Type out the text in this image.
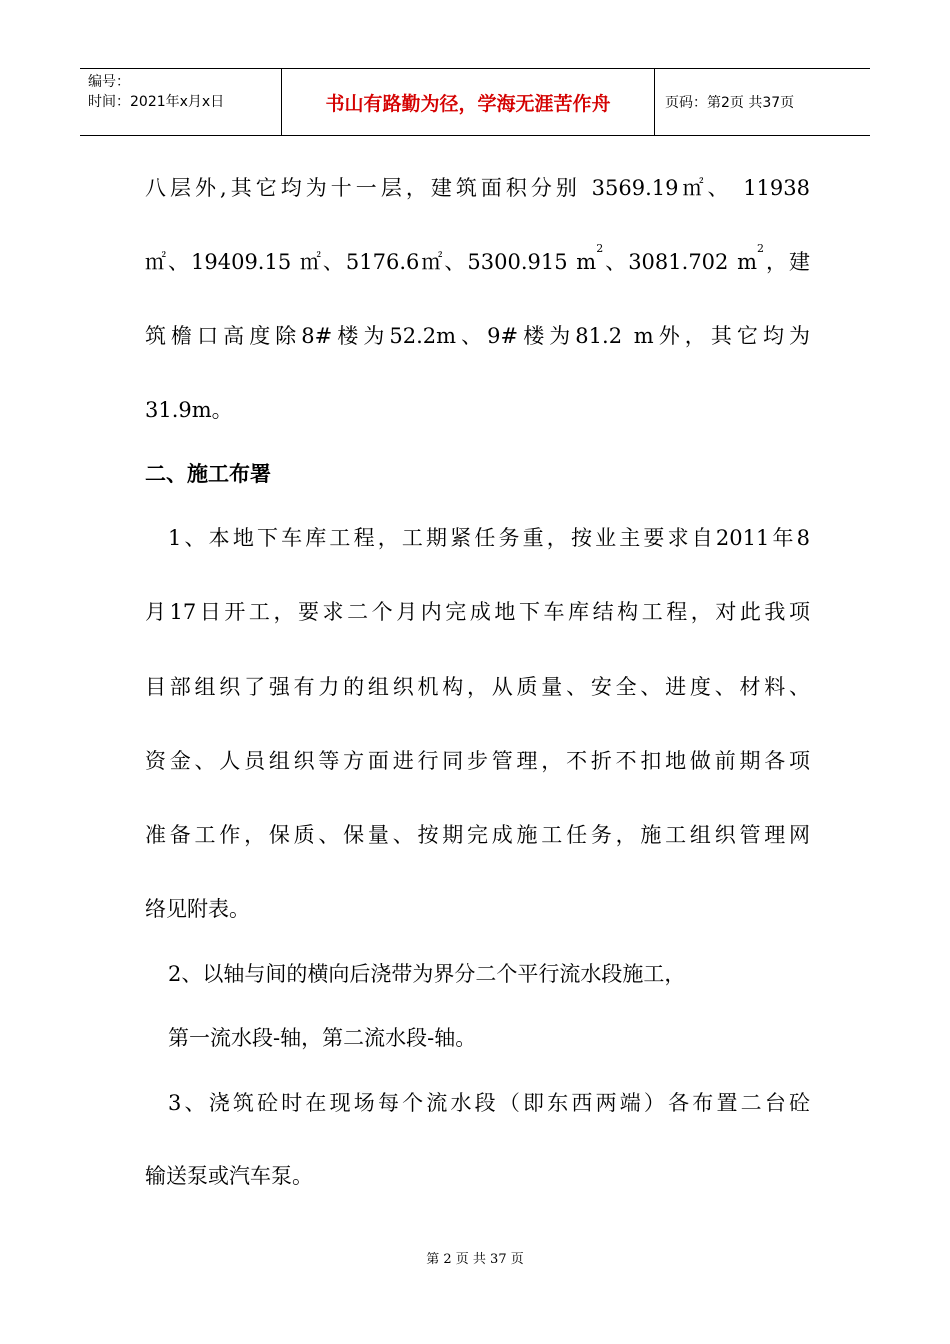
编号：
时间：2021年x月x日	书山有路勤为径，学海无涯苦作舟	页码：第2页 共37页
八层外,其它均为十一层，建筑面积分别 3569.19㎡、 11938
㎡、19409.15 ㎡、5176.6㎡、5300.915 $m^2$、3081.702 $m^2$，建
筑檐口高度除8#楼为52.2m、9#楼为81.2 m外，其它均为
31.9m。
二、施工布署
1、本地下车库工程，工期紧任务重，按业主要求自2011年8
月17日开工，要求二个月内完成地下车库结构工程，对此我项
目部组织了强有力的组织机构，从质量、安全、进度、材料、
资金、人员组织等方面进行同步管理，不折不扣地做前期各项
准备工作，保质、保量、按期完成施工任务，施工组织管理网
络见附表。
2、以轴与间的横向后浇带为界分二个平行流水段施工，
第一流水段-轴，第二流水段-轴。
3、浇筑砼时在现场每个流水段（即东西两端）各布置二台砼
输送泵或汽车泵。
第 2 页 共 37 页
